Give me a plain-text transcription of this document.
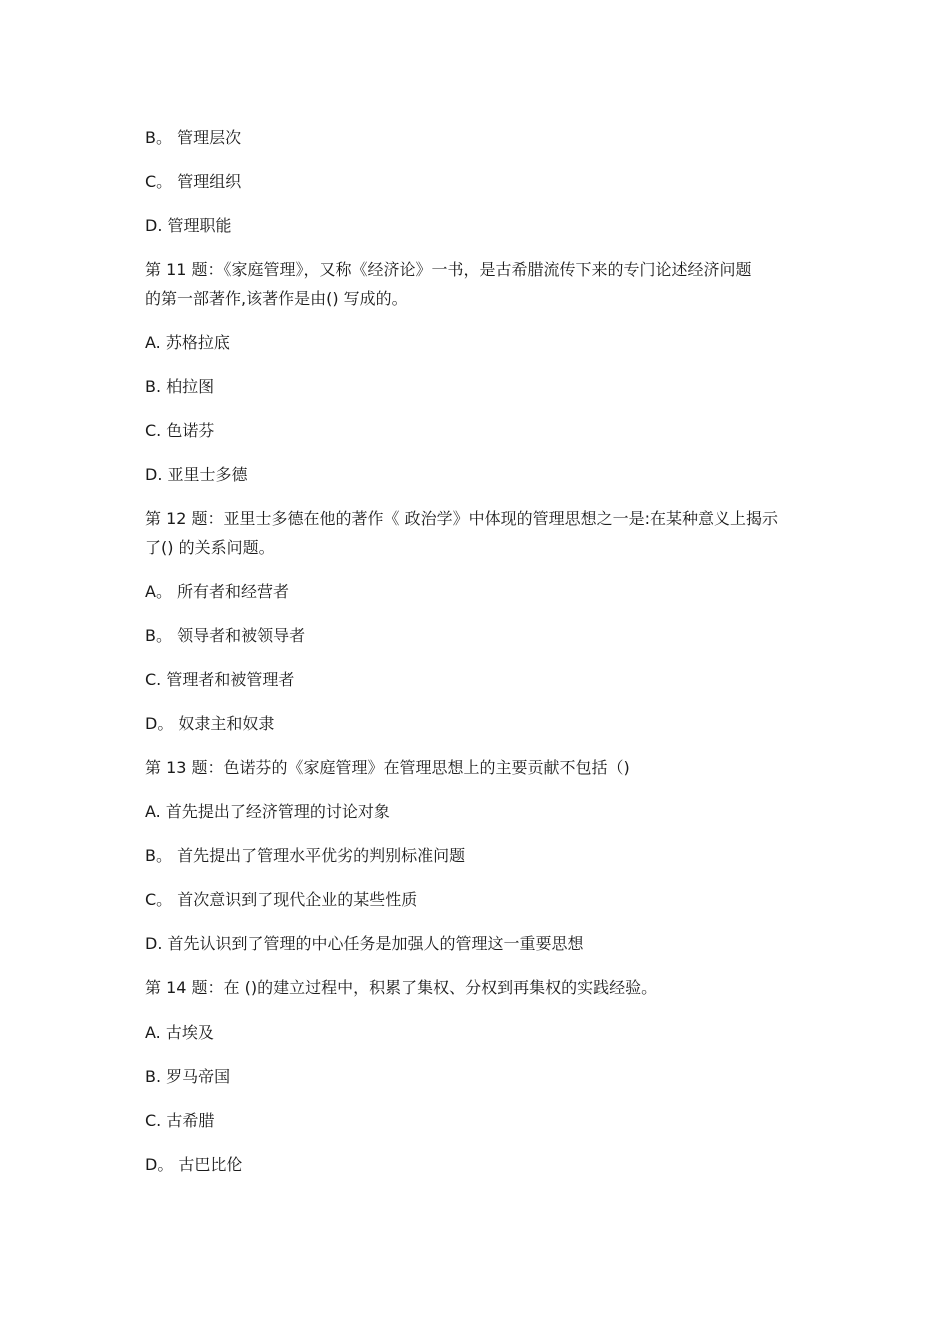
B。 管理层次
C。 管理组织
D. 管理职能
第 11 题：《家庭管理》，又称《经济论》一书，是古希腊流传下来的专门论述经济问题
的第一部著作,该著作是由() 写成的。
A. 苏格拉底
B. 柏拉图
C. 色诺芬
D. 亚里士多德
第 12 题：亚里士多德在他的著作《 政治学》中体现的管理思想之一是:在某种意义上揭示
了() 的关系问题。
A。 所有者和经营者
B。 领导者和被领导者
C. 管理者和被管理者
D。 奴隶主和奴隶
第 13 题：色诺芬的《家庭管理》在管理思想上的主要贡献不包括（)
A. 首先提出了经济管理的讨论对象
B。 首先提出了管理水平优劣的判别标准问题
C。 首次意识到了现代企业的某些性质
D. 首先认识到了管理的中心任务是加强人的管理这一重要思想
第 14 题：在 ()的建立过程中，积累了集权、分权到再集权的实践经验。
A. 古埃及
B. 罗马帝国
C. 古希腊
D。 古巴比伦
